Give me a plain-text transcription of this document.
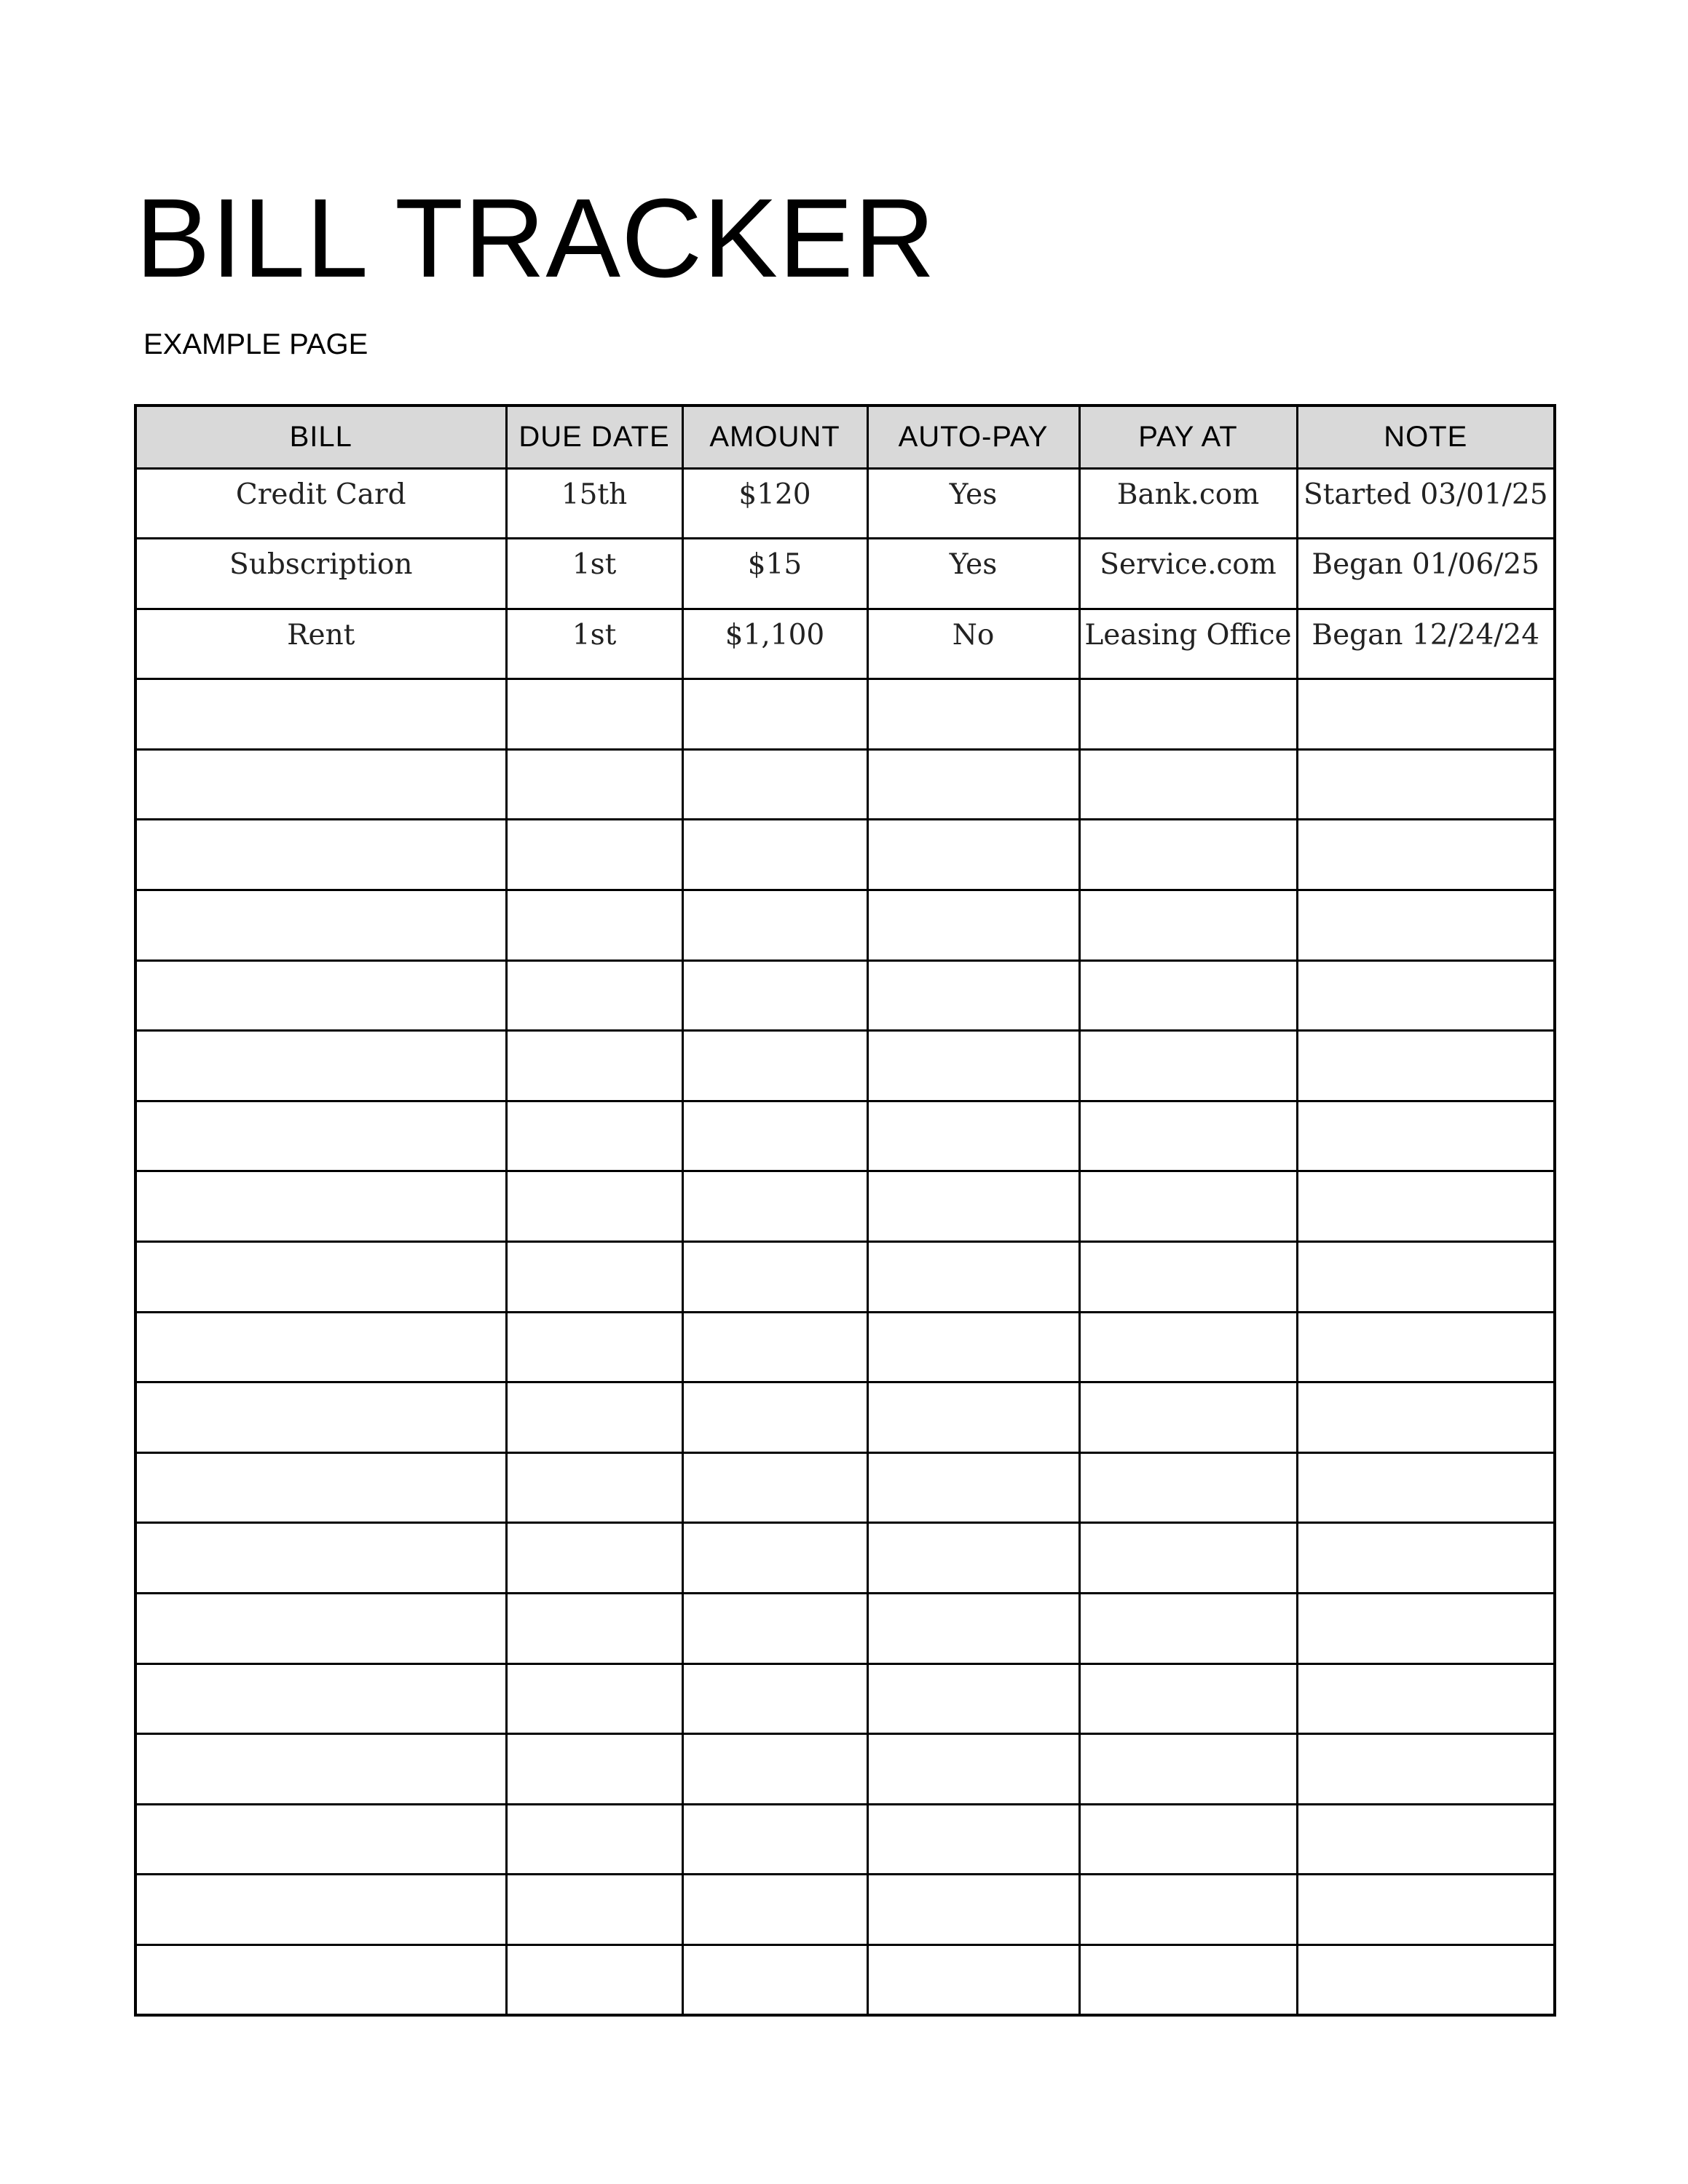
BILL TRACKER

EXAMPLE PAGE

BILL	DUE DATE	AMOUNT	AUTO-PAY	PAY AT	NOTE
Credit Card	15th	$120	Yes	Bank.com	Started 03/01/25
Subscription	1st	$15	Yes	Service.com	Began 01/06/25
Rent	1st	$1,100	No	Leasing Office	Began 12/24/24
